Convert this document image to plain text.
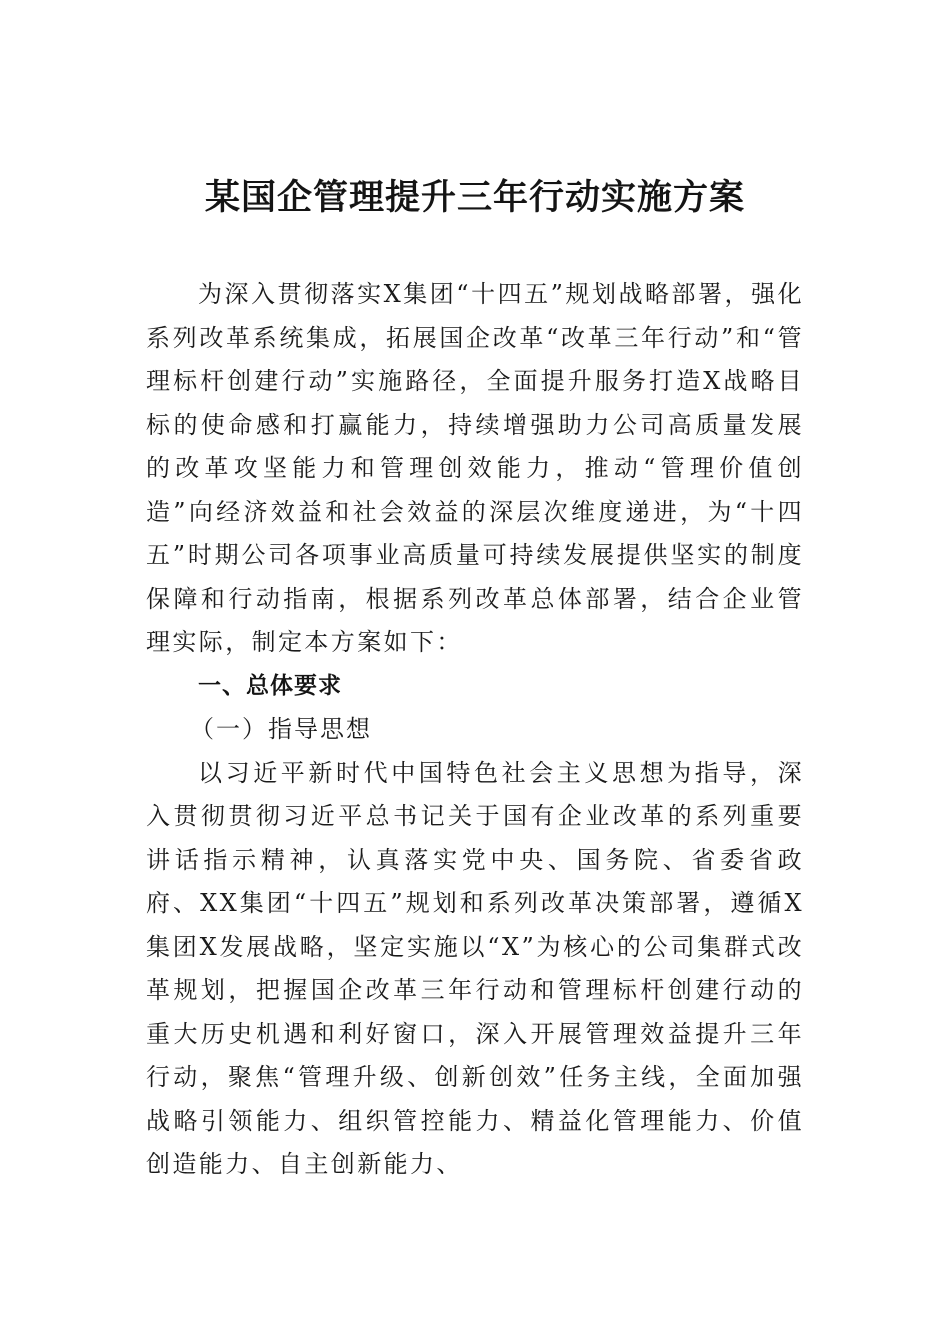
某国企管理提升三年行动实施方案

为深入贯彻落实X集团“十四五”规划战略部署，强化系列改革系统集成，拓展国企改革“改革三年行动”和“管理标杆创建行动”实施路径，全面提升服务打造X战略目标的使命感和打赢能力，持续增强助力公司高质量发展的改革攻坚能力和管理创效能力，推动“管理价值创造”向经济效益和社会效益的深层次维度递进，为“十四五”时期公司各项事业高质量可持续发展提供坚实的制度保障和行动指南，根据系列改革总体部署，结合企业管理实际，制定本方案如下：

一、总体要求

（一）指导思想

以习近平新时代中国特色社会主义思想为指导，深入贯彻贯彻习近平总书记关于国有企业改革的系列重要讲话指示精神，认真落实党中央、国务院、省委省政府、XX集团“十四五”规划和系列改革决策部署，遵循X集团X发展战略，坚定实施以“X”为核心的公司集群式改革规划，把握国企改革三年行动和管理标杆创建行动的重大历史机遇和利好窗口，深入开展管理效益提升三年行动，聚焦“管理升级、创新创效”任务主线，全面加强战略引领能力、组织管控能力、精益化管理能力、价值创造能力、自主创新能力、
